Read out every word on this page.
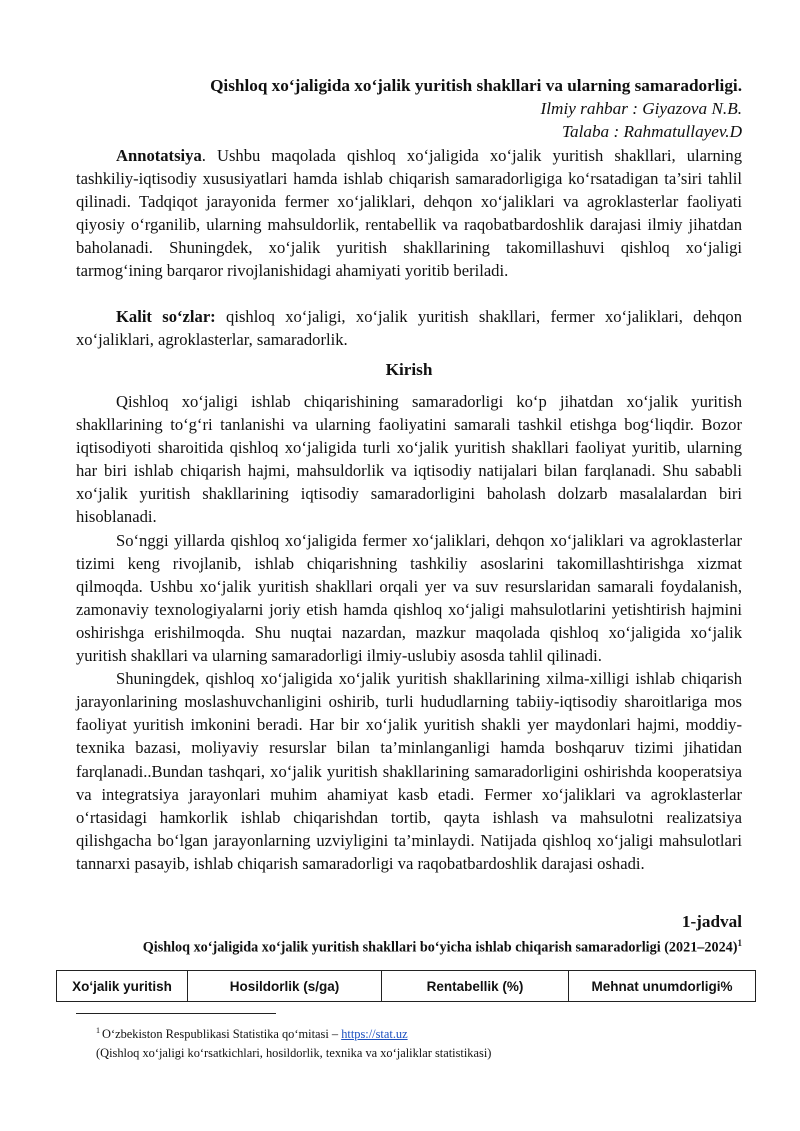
Qishloq xo‘jaligida xo‘jalik yuritish shakllari va ularning samaradorligi.
Ilmiy rahbar : Giyazova N.B.
Talaba : Rahmatullayev.D

Annotatsiya. Ushbu maqolada qishloq xo‘jaligida xo‘jalik yuritish shakllari, ularning tashkiliy-iqtisodiy xususiyatlari hamda ishlab chiqarish samaradorligiga ko‘rsatadigan ta’siri tahlil qilinadi. Tadqiqot jarayonida fermer xo‘jaliklari, dehqon xo‘jaliklari va agroklasterlar faoliyati qiyosiy o‘rganilib, ularning mahsuldorlik, rentabellik va raqobatbardoshlik darajasi ilmiy jihatdan baholanadi. Shuningdek, xo‘jalik yuritish shakllarining takomillashuvi qishloq xo‘jaligi tarmog‘ining barqaror rivojlanishidagi ahamiyati yoritib beriladi.

Kalit so‘zlar: qishloq xo‘jaligi, xo‘jalik yuritish shakllari, fermer xo‘jaliklari, dehqon xo‘jaliklari, agroklasterlar, samaradorlik.

Kirish

Qishloq xo‘jaligi ishlab chiqarishining samaradorligi ko‘p jihatdan xo‘jalik yuritish shakllarining to‘g‘ri tanlanishi va ularning faoliyatini samarali tashkil etishga bog‘liqdir. Bozor iqtisodiyoti sharoitida qishloq xo‘jaligida turli xo‘jalik yuritish shakllari faoliyat yuritib, ularning har biri ishlab chiqarish hajmi, mahsuldorlik va iqtisodiy natijalari bilan farqlanadi. Shu sababli xo‘jalik yuritish shakllarining iqtisodiy samaradorligini baholash dolzarb masalalardan biri hisoblanadi.

So‘nggi yillarda qishloq xo‘jaligida fermer xo‘jaliklari, dehqon xo‘jaliklari va agroklasterlar tizimi keng rivojlanib, ishlab chiqarishning tashkiliy asoslarini takomillashtirishga xizmat qilmoqda. Ushbu xo‘jalik yuritish shakllari orqali yer va suv resurslaridan samarali foydalanish, zamonaviy texnologiyalarni joriy etish hamda qishloq xo‘jaligi mahsulotlarini yetishtirish hajmini oshirishga erishilmoqda. Shu nuqtai nazardan, mazkur maqolada qishloq xo‘jaligida xo‘jalik yuritish shakllari va ularning samaradorligi ilmiy-uslubiy asosda tahlil qilinadi.

Shuningdek, qishloq xo‘jaligida xo‘jalik yuritish shakllarining xilma-xilligi ishlab chiqarish jarayonlarining moslashuvchanligini oshirib, turli hududlarning tabiiy-iqtisodiy sharoitlariga mos faoliyat yuritish imkonini beradi. Har bir xo‘jalik yuritish shakli yer maydonlari hajmi, moddiy-texnika bazasi, moliyaviy resurslar bilan ta’minlanganligi hamda boshqaruv tizimi jihatidan farqlanadi..Bundan tashqari, xo‘jalik yuritish shakllarining samaradorligini oshirishda kooperatsiya va integratsiya jarayonlari muhim ahamiyat kasb etadi. Fermer xo‘jaliklari va agroklasterlar o‘rtasidagi hamkorlik ishlab chiqarishdan tortib, qayta ishlash va mahsulotni realizatsiya qilishgacha bo‘lgan jarayonlarning uzviyligini ta’minlaydi. Natijada qishloq xo‘jaligi mahsulotlari tannarxi pasayib, ishlab chiqarish samaradorligi va raqobatbardoshlik darajasi oshadi.

1-jadval
Qishloq xo‘jaligida xo‘jalik yuritish shakllari bo‘yicha ishlab chiqarish samaradorligi (2021–2024)$^1$
Xo‘jalik yuritish	Hosildorlik (s/ga)	Rentabellik (%)	Mehnat unumdorligi%
$^1$ O‘zbekiston Respublikasi Statistika qo‘mitasi – https://stat.uz
(Qishloq xo‘jaligi ko‘rsatkichlari, hosildorlik, texnika va xo‘jaliklar statistikasi)
